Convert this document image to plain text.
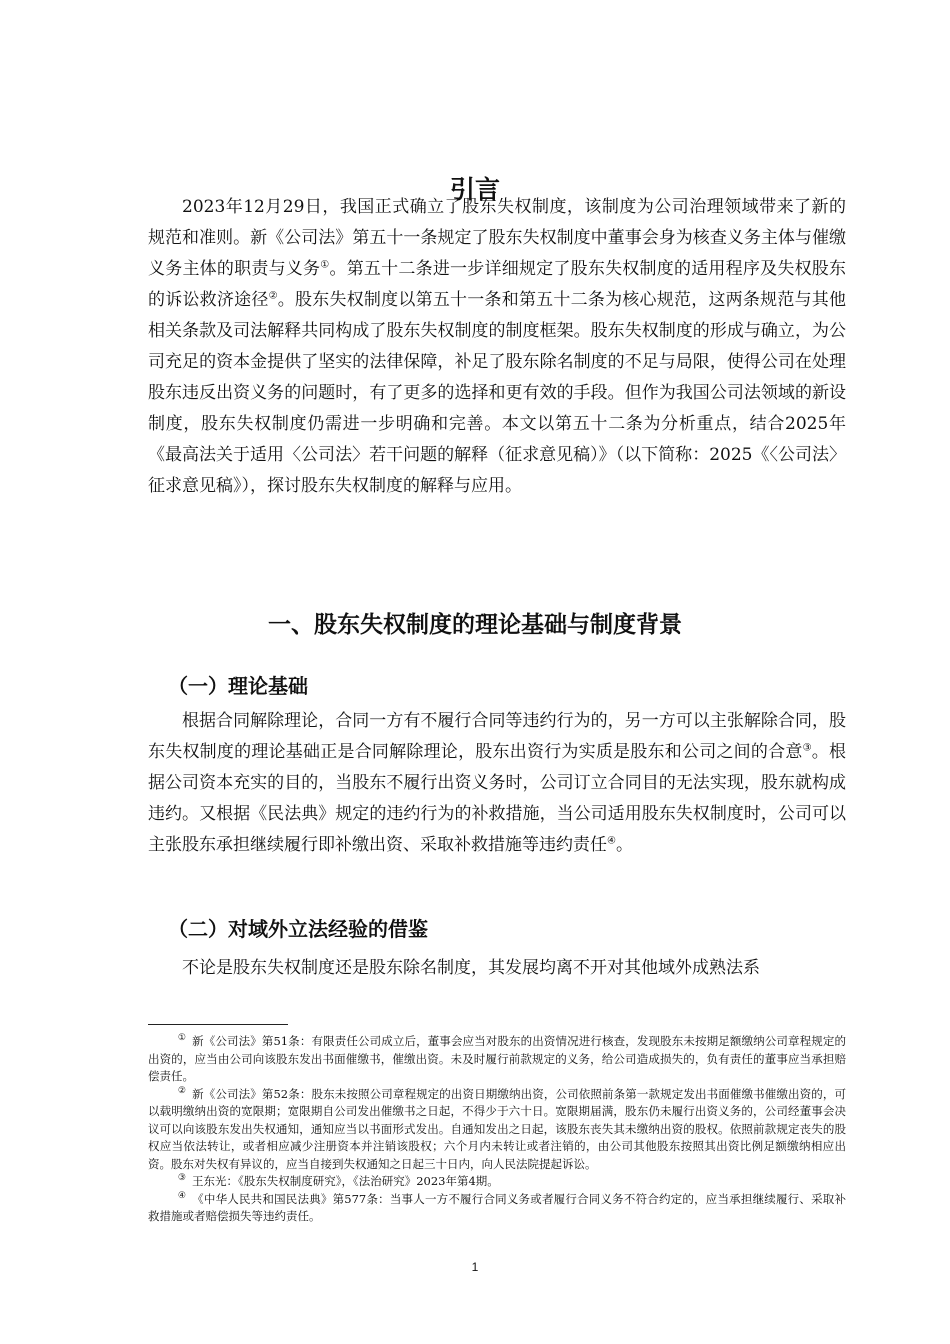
引言

2023年12月29日，我国正式确立了股东失权制度，该制度为公司治理领域带来了新的规范和准则。新《公司法》第五十一条规定了股东失权制度中董事会身为核查义务主体与催缴义务主体的职责与义务①。第五十二条进一步详细规定了股东失权制度的适用程序及失权股东的诉讼救济途径②。股东失权制度以第五十一条和第五十二条为核心规范，这两条规范与其他相关条款及司法解释共同构成了股东失权制度的制度框架。股东失权制度的形成与确立，为公司充足的资本金提供了坚实的法律保障，补足了股东除名制度的不足与局限，使得公司在处理股东违反出资义务的问题时，有了更多的选择和更有效的手段。但作为我国公司法领域的新设制度，股东失权制度仍需进一步明确和完善。本文以第五十二条为分析重点，结合2025年《最高法关于适用〈公司法〉若干问题的解释（征求意见稿）》（以下简称：2025《〈公司法〉征求意见稿》），探讨股东失权制度的解释与应用。

一、股东失权制度的理论基础与制度背景
（一）理论基础

根据合同解除理论，合同一方有不履行合同等违约行为的，另一方可以主张解除合同，股东失权制度的理论基础正是合同解除理论，股东出资行为实质是股东和公司之间的合意③。根据公司资本充实的目的，当股东不履行出资义务时，公司订立合同目的无法实现，股东就构成违约。又根据《民法典》规定的违约行为的补救措施，当公司适用股东失权制度时，公司可以主张股东承担继续履行即补缴出资、采取补救措施等违约责任④。

（二）对域外立法经验的借鉴

不论是股东失权制度还是股东除名制度，其发展均离不开对其他域外成熟法系

① 新《公司法》第51条：有限责任公司成立后，董事会应当对股东的出资情况进行核查，发现股东未按期足额缴纳公司章程规定的出资的，应当由公司向该股东发出书面催缴书，催缴出资。未及时履行前款规定的义务，给公司造成损失的，负有责任的董事应当承担赔偿责任。

② 新《公司法》第52条：股东未按照公司章程规定的出资日期缴纳出资，公司依照前条第一款规定发出书面催缴书催缴出资的，可以载明缴纳出资的宽限期；宽限期自公司发出催缴书之日起，不得少于六十日。宽限期届满，股东仍未履行出资义务的，公司经董事会决议可以向该股东发出失权通知，通知应当以书面形式发出。自通知发出之日起，该股东丧失其未缴纳出资的股权。依照前款规定丧失的股权应当依法转让，或者相应减少注册资本并注销该股权；六个月内未转让或者注销的，由公司其他股东按照其出资比例足额缴纳相应出资。股东对失权有异议的，应当自接到失权通知之日起三十日内，向人民法院提起诉讼。

③ 王东光：《股东失权制度研究》，《法治研究》2023年第4期。

④ 《中华人民共和国民法典》第577条：当事人一方不履行合同义务或者履行合同义务不符合约定的，应当承担继续履行、采取补救措施或者赔偿损失等违约责任。

1
